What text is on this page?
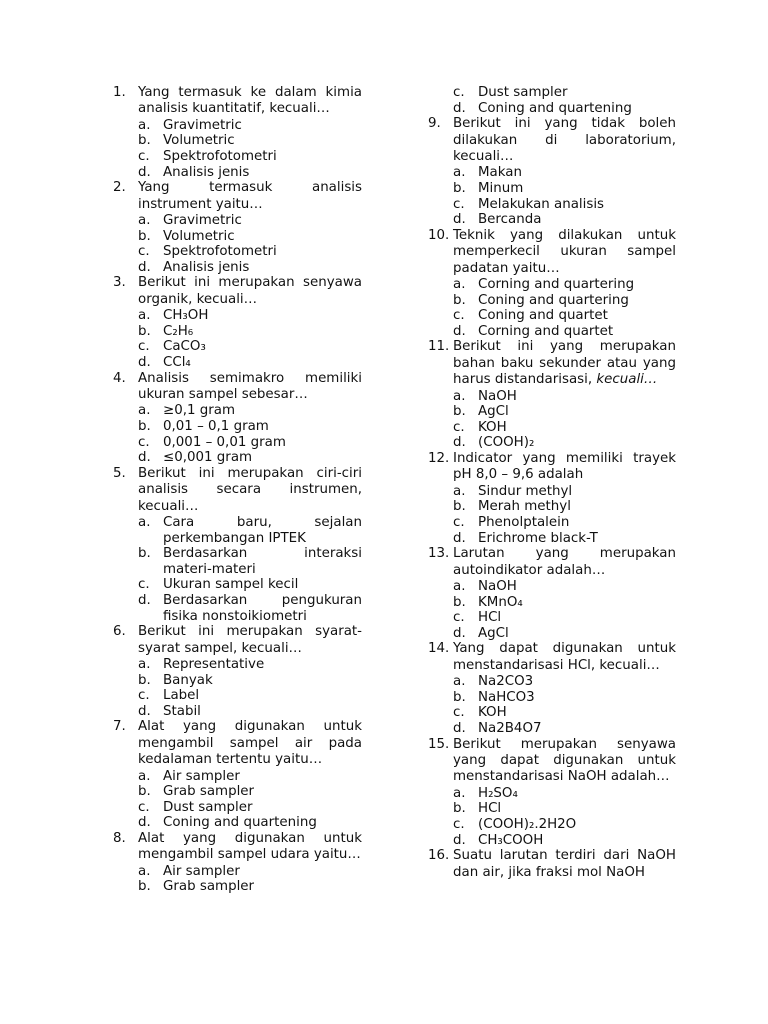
1. Yang termasuk ke dalam kimia analisis kuantitatif, kecuali…
a. Gravimetric
b. Volumetric
c. Spektrofotometri
d. Analisis jenis
2. Yang termasuk analisis instrument yaitu…
a. Gravimetric
b. Volumetric
c. Spektrofotometri
d. Analisis jenis
3. Berikut ini merupakan senyawa organik, kecuali…
a. CH₃OH
b. C₂H₆
c. CaCO₃
d. CCl₄
4. Analisis semimakro memiliki ukuran sampel sebesar…
a. ≥0,1 gram
b. 0,01 – 0,1 gram
c. 0,001 – 0,01 gram
d. ≤0,001 gram
5. Berikut ini merupakan ciri-ciri analisis secara instrumen, kecuali…
a. Cara baru, sejalan perkembangan IPTEK
b. Berdasarkan interaksi materi-materi
c. Ukuran sampel kecil
d. Berdasarkan pengukuran fisika nonstoikiometri
6. Berikut ini merupakan syarat-syarat sampel, kecuali…
a. Representative
b. Banyak
c. Label
d. Stabil
7. Alat yang digunakan untuk mengambil sampel air pada kedalaman tertentu yaitu…
a. Air sampler
b. Grab sampler
c. Dust sampler
d. Coning and quartening
8. Alat yang digunakan untuk mengambil sampel udara yaitu…
a. Air sampler
b. Grab sampler
c. Dust sampler
d. Coning and quartening
9. Berikut ini yang tidak boleh dilakukan di laboratorium, kecuali…
a. Makan
b. Minum
c. Melakukan analisis
d. Bercanda
10. Teknik yang dilakukan untuk memperkecil ukuran sampel padatan yaitu…
a. Corning and quartering
b. Coning and quartering
c. Coning and quartet
d. Corning and quartet
11. Berikut ini yang merupakan bahan baku sekunder atau yang harus distandarisasi, kecuali…
a. NaOH
b. AgCl
c. KOH
d. (COOH)₂
12. Indicator yang memiliki trayek pH 8,0 – 9,6 adalah
a. Sindur methyl
b. Merah methyl
c. Phenolptalein
d. Erichrome black-T
13. Larutan yang merupakan autoindikator adalah…
a. NaOH
b. KMnO₄
c. HCl
d. AgCl
14. Yang dapat digunakan untuk menstandarisasi HCl, kecuali…
a. Na2CO3
b. NaHCO3
c. KOH
d. Na2B4O7
15. Berikut merupakan senyawa yang dapat digunakan untuk menstandarisasi NaOH adalah…
a. H₂SO₄
b. HCl
c. (COOH)₂.2H2O
d. CH₃COOH
16. Suatu larutan terdiri dari NaOH dan air, jika fraksi mol NaOH
